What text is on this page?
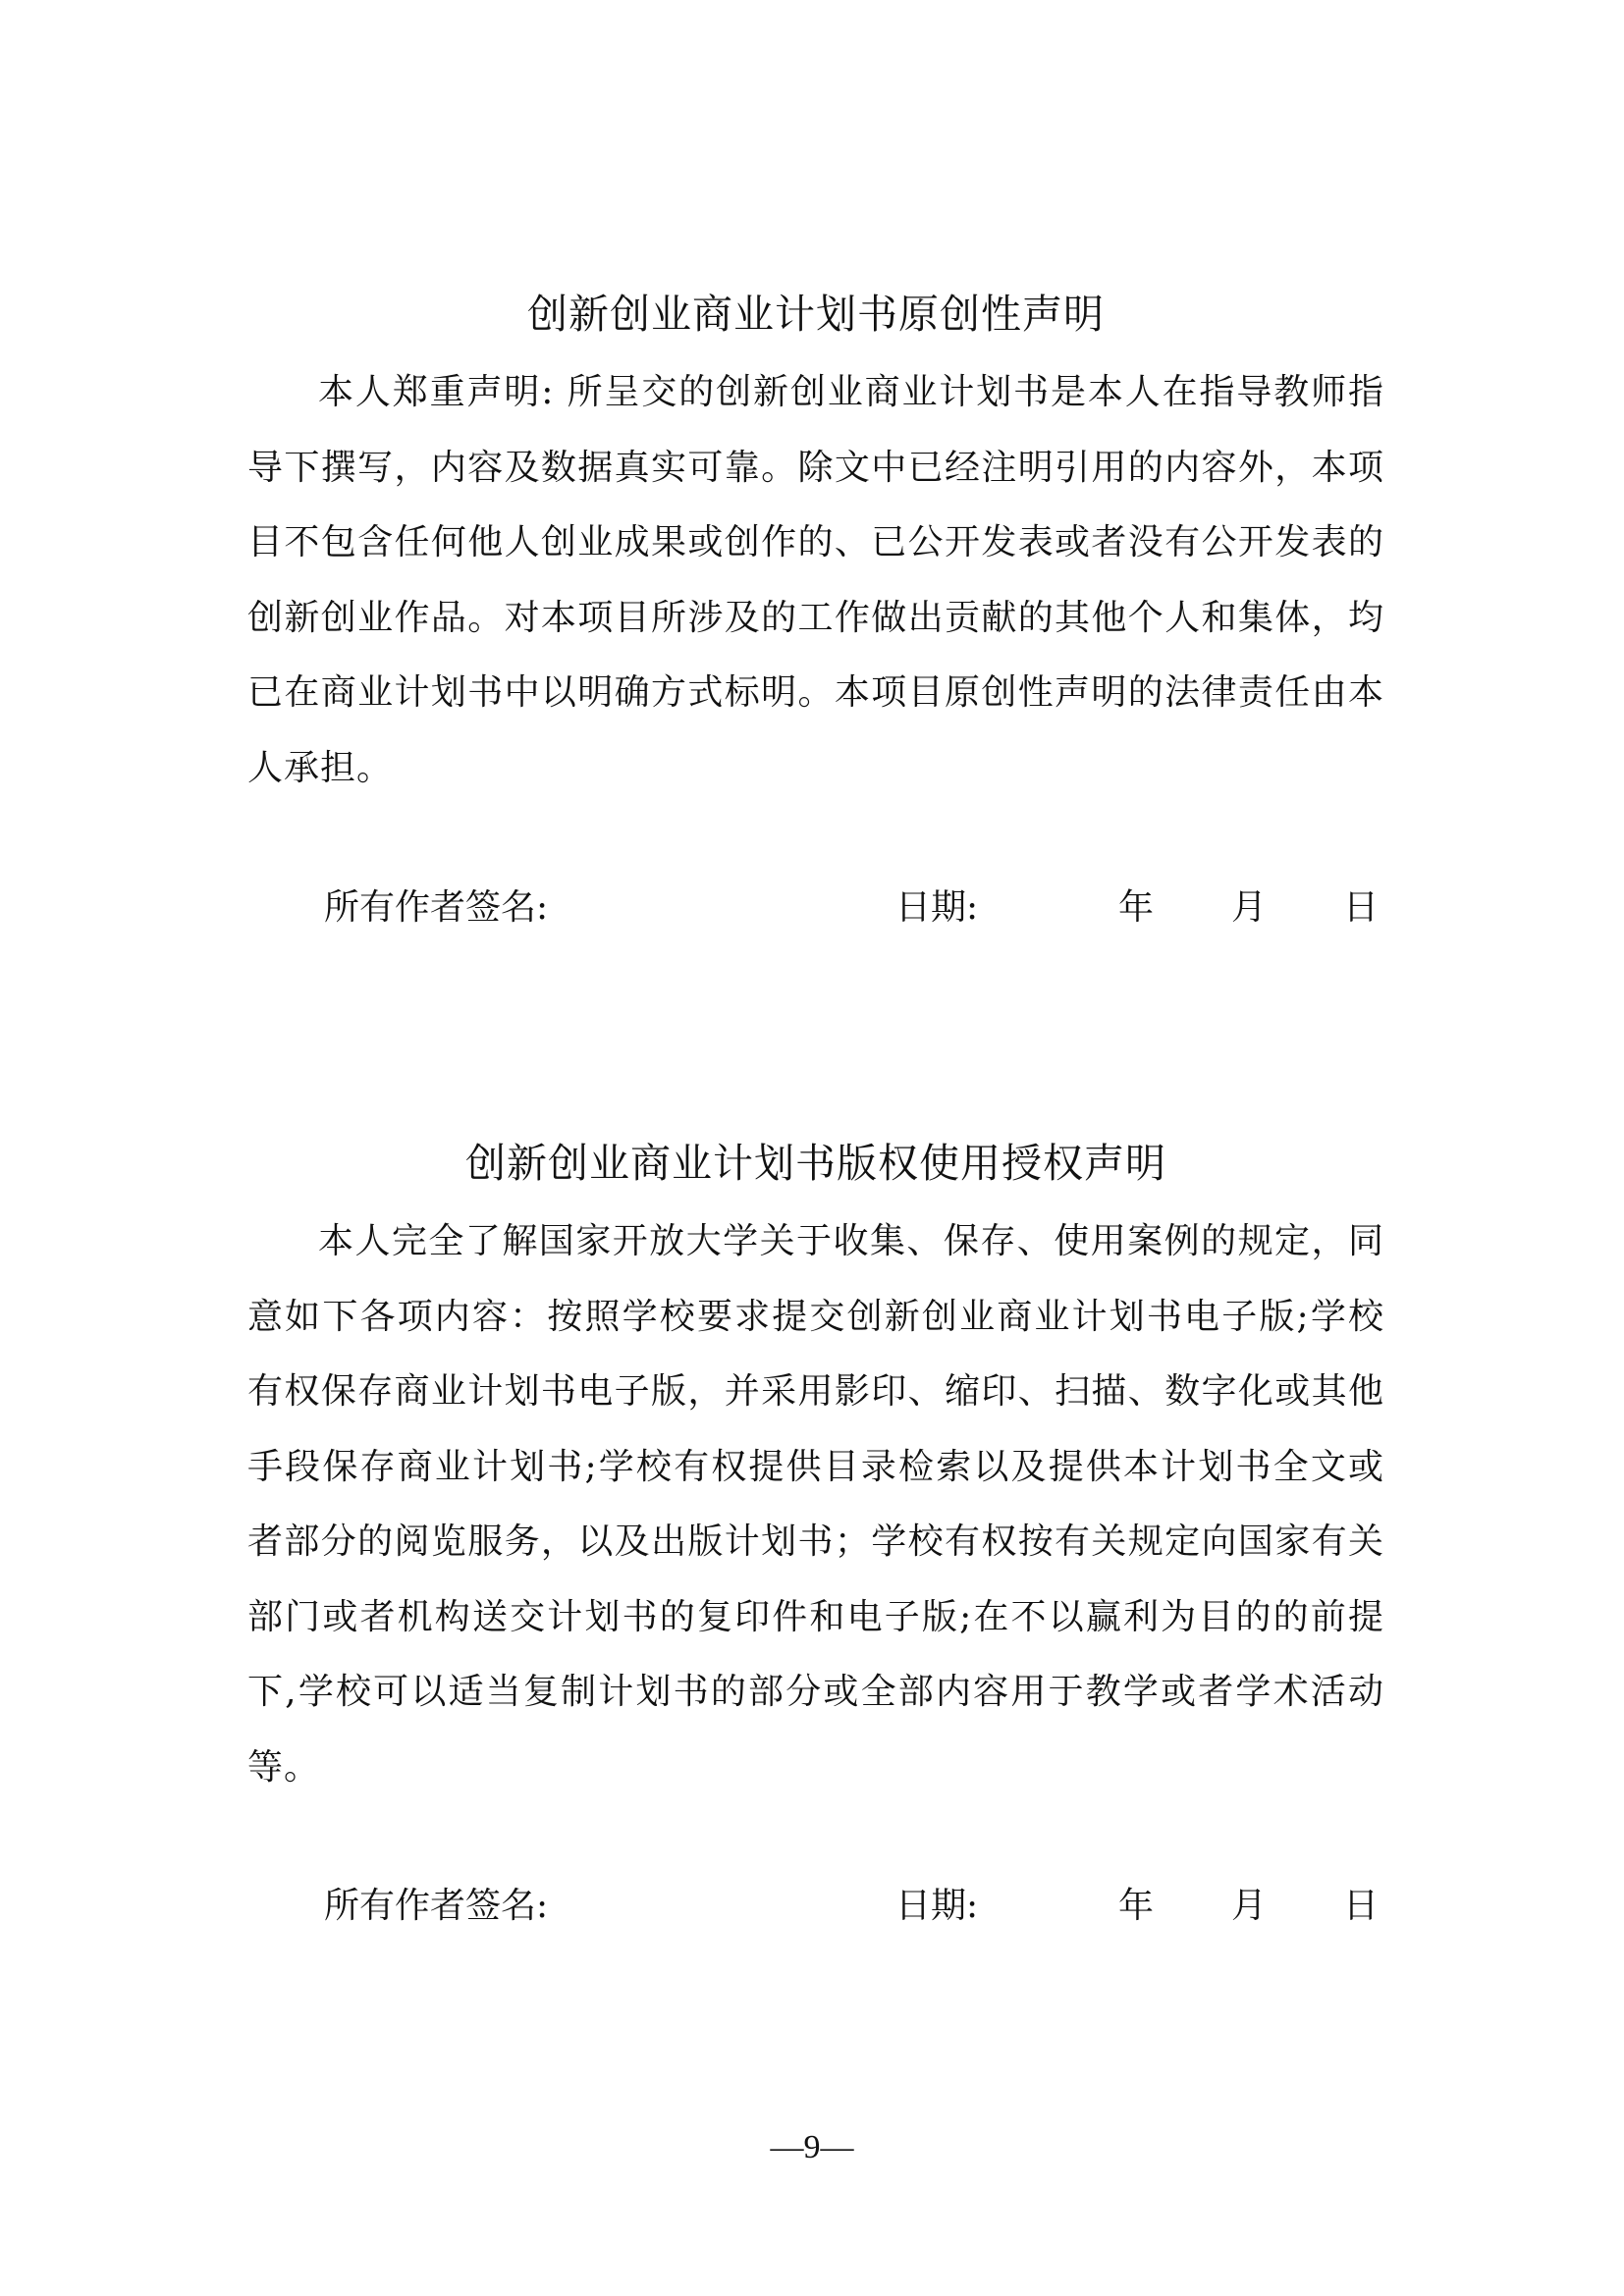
创新创业商业计划书原创性声明

本人郑重声明: 所呈交的创新创业商业计划书是本人在指导教师指导下撰写，内容及数据真实可靠。除文中已经注明引用的内容外，本项目不包含任何他人创业成果或创作的、已公开发表或者没有公开发表的创新创业作品。对本项目所涉及的工作做出贡献的其他个人和集体，均已在商业计划书中以明确方式标明。本项目原创性声明的法律责任由本人承担。

所有作者签名:	日期:	年 月 日
创新创业商业计划书版权使用授权声明

本人完全了解国家开放大学关于收集、保存、使用案例的规定，同意如下各项内容：按照学校要求提交创新创业商业计划书电子版;学校有权保存商业计划书电子版，并采用影印、缩印、扫描、数字化或其他手段保存商业计划书;学校有权提供目录检索以及提供本计划书全文或者部分的阅览服务，以及出版计划书；学校有权按有关规定向国家有关部门或者机构送交计划书的复印件和电子版;在不以赢利为目的的前提下,学校可以适当复制计划书的部分或全部内容用于教学或者学术活动等。

所有作者签名:	日期:	年 月 日
—9—
